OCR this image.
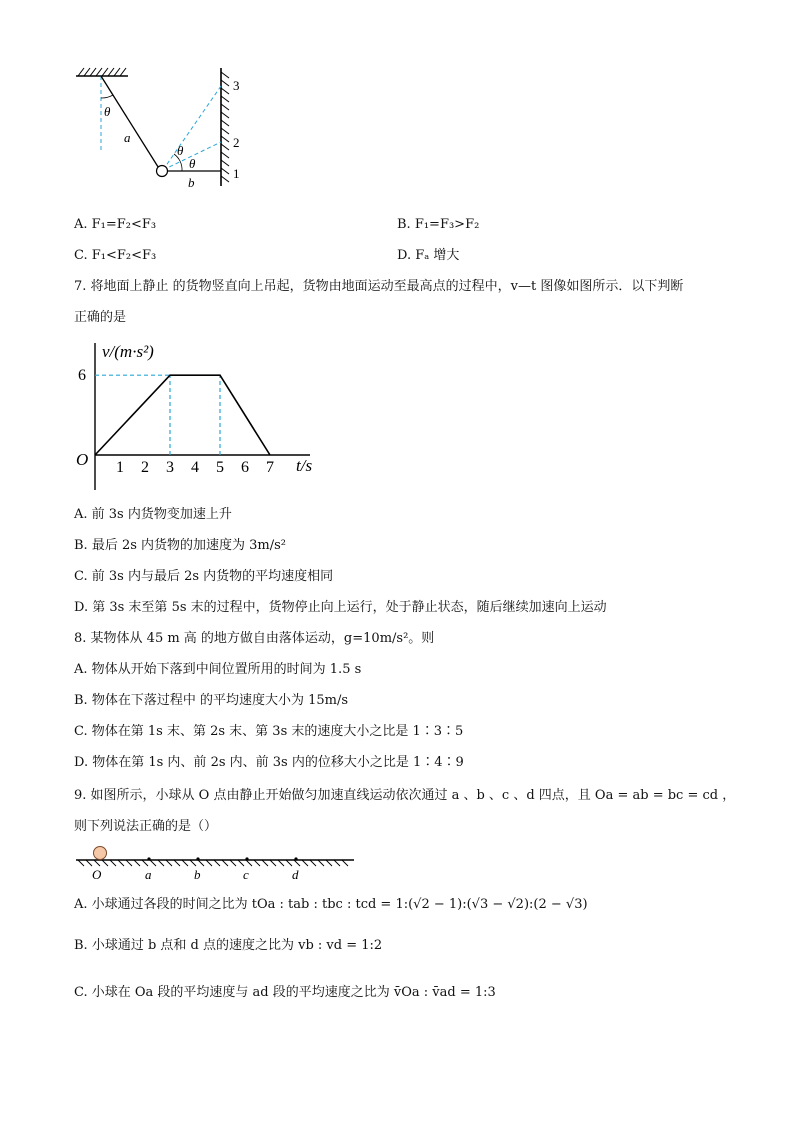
θ
a
θ
θ
b
1
2
3
A. F₁=F₂<F₃	B. F₁=F₃>F₂
C. F₁<F₂<F₃	D. Fₐ 增大
7. 将地面上静止 的货物竖直向上吊起，货物由地面运动至最高点的过程中，v—t 图像如图所示．以下判断
正确的是
1 2 3 4 5 6 7
6
v/(m·s²)
t/s
O
A. 前 3s 内货物变加速上升
B. 最后 2s 内货物的加速度为 3m/s²
C. 前 3s 内与最后 2s 内货物的平均速度相同
D. 第 3s 末至第 5s 末的过程中，货物停止向上运行，处于静止状态，随后继续加速向上运动
8. 某物体从 45 m 高 的地方做自由落体运动，g=10m/s²。则
A. 物体从开始下落到中间位置所用的时间为 1.5 s
B. 物体在下落过程中 的平均速度大小为 15m/s
C. 物体在第 1s 末、第 2s 末、第 3s 末的速度大小之比是 1∶3∶5
D. 物体在第 1s 内、前 2s 内、前 3s 内的位移大小之比是 1∶4∶9
9. 如图所示，小球从 O 点由静止开始做匀加速直线运动依次通过 a 、b 、c 、d 四点，且 Oa = ab = bc = cd ，
则下列说法正确的是（）
O	a	b	c	d
A. 小球通过各段的时间之比为 tOa : tab : tbc : tcd = 1:(√2 − 1):(√3 − √2):(2 − √3)
B. 小球通过 b 点和 d 点的速度之比为 vb : vd = 1:2
C. 小球在 Oa 段的平均速度与 ad 段的平均速度之比为 v̄Oa : v̄ad = 1:3
